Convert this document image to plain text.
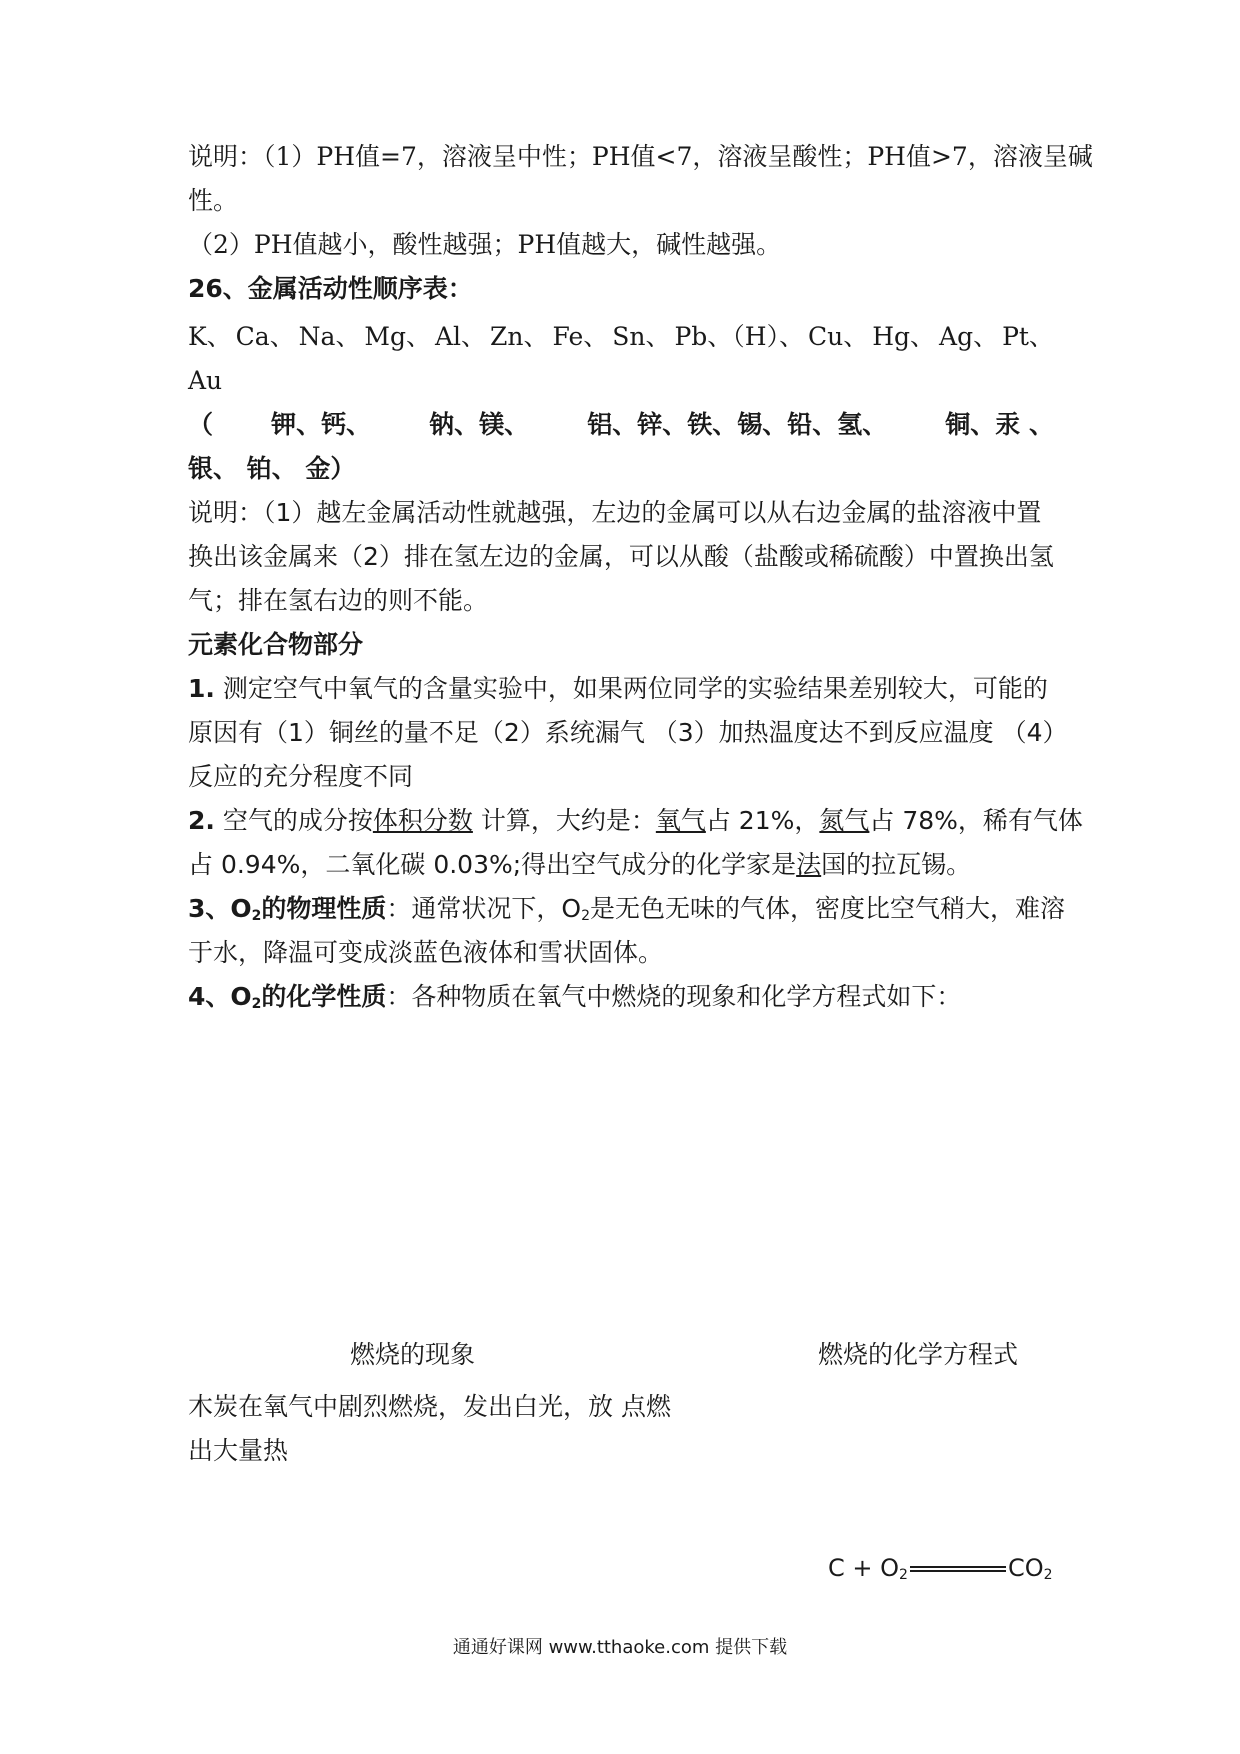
说明：（1）PH值=7，溶液呈中性；PH值<7，溶液呈酸性；PH值>7，溶液呈碱
性。
（2）PH值越小，酸性越强；PH值越大，碱性越强。
26、金属活动性顺序表：
K、 Ca、 Na、 Mg、 Al、 Zn、 Fe、 Sn、 Pb、（H）、 Cu、 Hg、 Ag、 Pt、
Au
（ 钾、钙、 钠、镁、 铝、锌、铁、锡、铅、氢、 铜、汞 、
银、 铂、 金）
说明：（1）越左金属活动性就越强，左边的金属可以从右边金属的盐溶液中置
换出该金属来（2）排在氢左边的金属，可以从酸（盐酸或稀硫酸）中置换出氢
气；排在氢右边的则不能。
元素化合物部分
1. 测定空气中氧气的含量实验中，如果两位同学的实验结果差别较大，可能的
原因有（1）铜丝的量不足（2）系统漏气 （3）加热温度达不到反应温度 （4）
反应的充分程度不同
2. 空气的成分按体积分数 计算，大约是：氧气占 21%，氮气占 78%，稀有气体
占 0.94%，二氧化碳 0.03%;得出空气成分的化学家是法国的拉瓦锡。
3、$O_2$的物理性质：通常状况下，$O_2$是无色无味的气体，密度比空气稍大，难溶
于水，降温可变成淡蓝色液体和雪状固体。
4、$O_2$的化学性质：各种物质在氧气中燃烧的现象和化学方程式如下：
燃烧的现象	燃烧的化学方程式
木炭在氧气中剧烈燃烧，发出白光，放 点燃
出大量热
$C + O_2$	$CO_2$
通通好课网 www.tthaoke.com 提供下载
